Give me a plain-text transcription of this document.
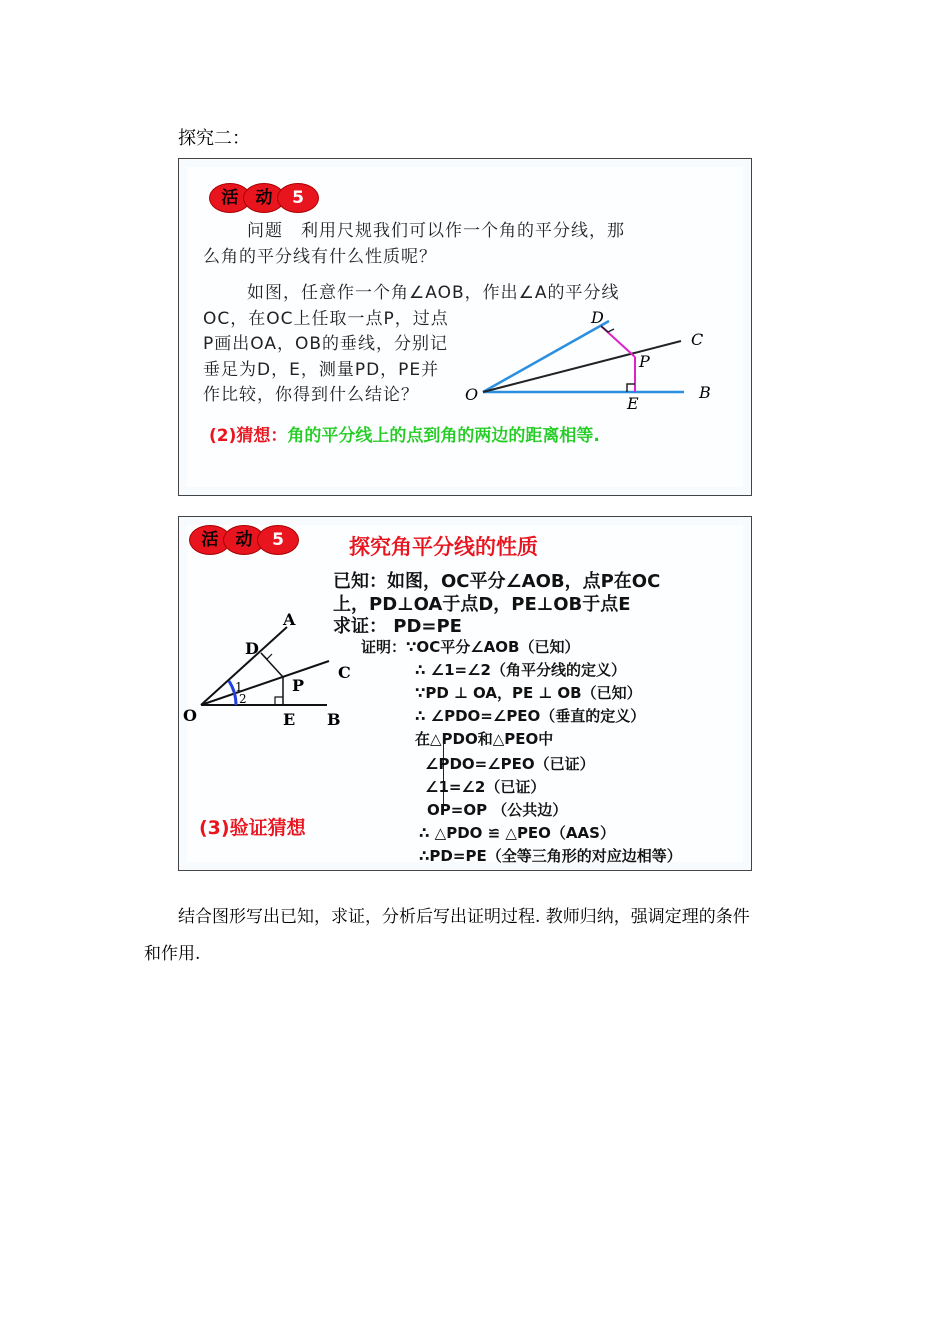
探究二：
活	动	5
问题　利用尺规我们可以作一个角的平分线，那
么角的平分线有什么性质呢？
如图，任意作一个角∠AOB，作出∠A的平分线
OC，在OC上任取一点P，过点
P画出OA，OB的垂线，分别记
垂足为D，E，测量PD，PE并
作比较，你得到什么结论？
(2)猜想：角的平分线上的点到角的两边的距离相等.
D
C
P
O	E
B
活	动	5	探究角平分线的性质
已知：如图，OC平分∠AOB，点P在OC
上，PD⊥OA于点D，PE⊥OB于点E
求证： PD=PE
证明：∵OC平分∠AOB（已知）
∴ ∠1=∠2（角平分线的定义）
∵PD ⊥ OA，PE ⊥ OB（已知）
∴ ∠PDO=∠PEO（垂直的定义）
在△PDO和△PEO中
∠PDO=∠PEO（已证）
∠1=∠2（已证）
OP=OP （公共边）
∴ △PDO ≌ △PEO（AAS）
∴PD=PE（全等三角形的对应边相等）
(3)验证猜想
1
2
A
D
C
P
O	E B
结合图形写出已知，求证，分析后写出证明过程. 教师归纳，强调定理的条件
和作用.
